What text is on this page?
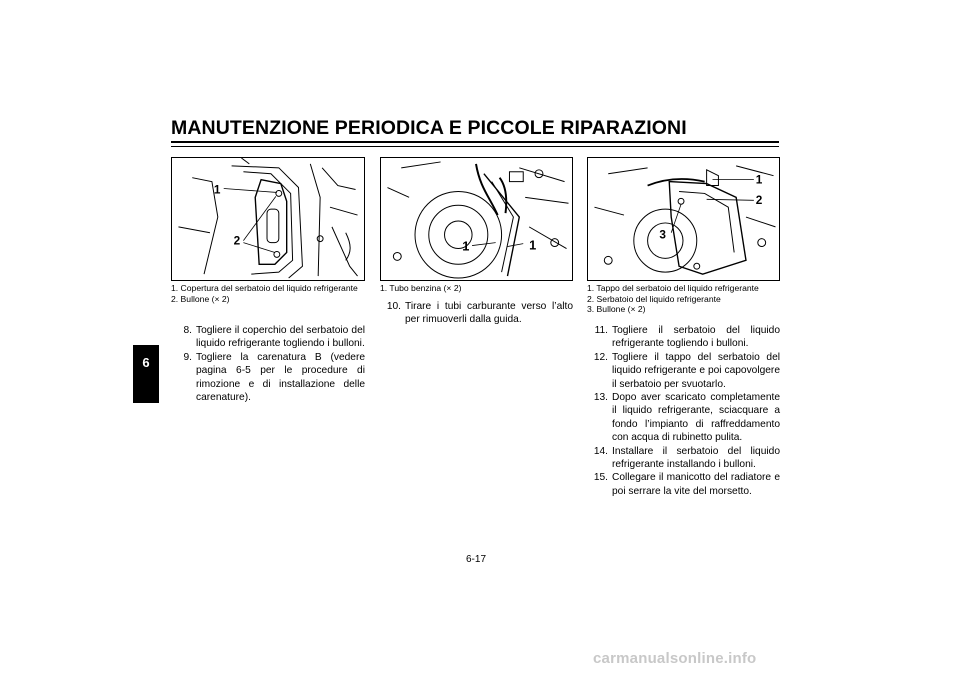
MANUTENZIONE PERIODICA E PICCOLE RIPARAZIONI
6
1
2	1	1
1
2
3
1. Copertura del serbatoio del liquido refrigerante
2. Bullone (× 2)
1. Tubo benzina (× 2)	1. Tappo del serbatoio del liquido refrigerante
2. Serbatoio del liquido refrigerante
3. Bullone (× 2)
8. Togliere il coperchio del serbatoio del liquido refrigerante togliendo i bulloni.
9. Togliere la carenatura B (vedere pagina 6-5 per le procedure di rimozione e di installazione delle carenature).
10. Tirare i tubi carburante verso l’alto per rimuoverli dalla guida.
11. Togliere il serbatoio del liquido refrigerante togliendo i bulloni.
12. Togliere il tappo del serbatoio del liquido refrigerante e poi capovolgere il serbatoio per svuotarlo.
13. Dopo aver scaricato completamente il liquido refrigerante, sciacquare a fondo l’impianto di raffreddamento con acqua di rubinetto pulita.
14. Installare il serbatoio del liquido refrigerante installando i bulloni.
15. Collegare il manicotto del radiatore e poi serrare la vite del morsetto.
6-17
carmanualsonline.info
